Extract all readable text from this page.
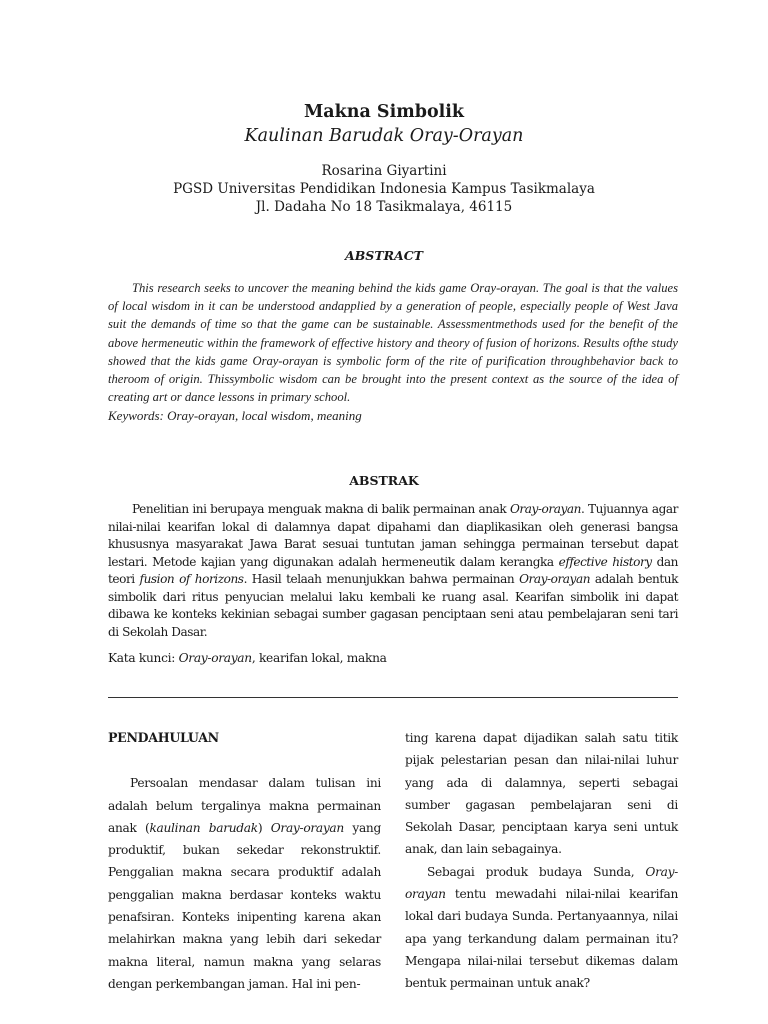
Makna Simbolik
Kaulinan Barudak Oray-Orayan
Rosarina Giyartini
PGSD Universitas Pendidikan Indonesia Kampus Tasikmalaya
Jl. Dadaha No 18 Tasikmalaya, 46115
ABSTRACT

This research seeks to uncover the meaning behind the kids game Oray-orayan. The goal is that the values of local wisdom in it can be understood andapplied by a generation of people, especially people of West Java suit the demands of time so that the game can be sustainable. Assessmentmethods used for the benefit of the above hermeneutic within the framework of effective history and theory of fusion of horizons. Results ofthe study showed that the kids game Oray-orayan is symbolic form of the rite of purification throughbehavior back to theroom of origin. Thissymbolic wisdom can be brought into the present context as the source of the idea of creating art or dance lessons in primary school.

Keywords: Oray-orayan, local wisdom, meaning
ABSTRAK

Penelitian ini berupaya menguak makna di balik permainan anak Oray-orayan. Tujuannya agar nilai-nilai kearifan lokal di dalamnya dapat dipahami dan diaplikasikan oleh generasi bangsa khususnya masyarakat Jawa Barat sesuai tuntutan jaman sehingga permainan tersebut dapat lestari. Metode kajian yang digunakan adalah hermeneutik dalam kerangka effective history dan teori fusion of horizons. Hasil telaah menunjukkan bahwa permainan Oray-orayan adalah bentuk simbolik dari ritus penyucian melalui laku kembali ke ruang asal. Kearifan simbolik ini dapat dibawa ke konteks kekinian sebagai sumber gagasan penciptaan seni atau pembelajaran seni tari di Sekolah Dasar.

Kata kunci: Oray-orayan, kearifan lokal, makna

PENDAHULUAN

Persoalan mendasar dalam tulisan ini adalah belum tergalinya makna permainan anak (kaulinan barudak) Oray-orayan yang produktif, bukan sekedar rekonstruktif. Penggalian makna secara produktif adalah penggalian makna berdasar konteks waktu penafsiran. Konteks inipenting karena akan melahirkan makna yang lebih dari sekedar makna literal, namun makna yang selaras dengan perkembangan jaman. Hal ini pen-

ting karena dapat dijadikan salah satu titik pijak pelestarian pesan dan nilai-nilai luhur yang ada di dalamnya, seperti sebagai sumber gagasan pembelajaran seni di Sekolah Dasar, penciptaan karya seni untuk anak, dan lain sebagainya.

Sebagai produk budaya Sunda, Oray-orayan tentu mewadahi nilai-nilai kearifan lokal dari budaya Sunda. Pertanyaannya, nilai apa yang terkandung dalam permainan itu? Mengapa nilai-nilai tersebut dikemas dalam bentuk permainan untuk anak?
